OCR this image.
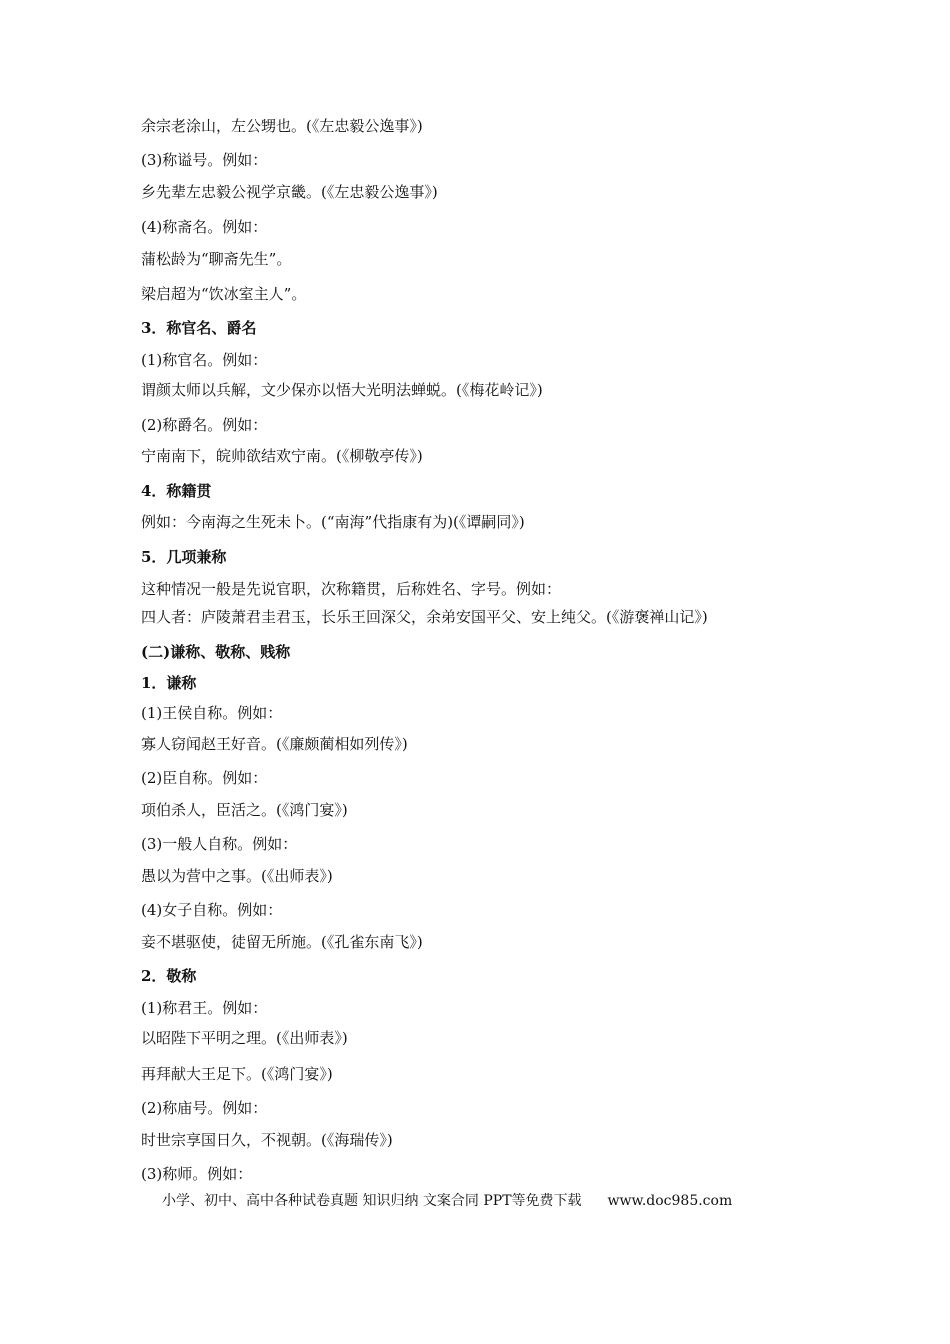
余宗老涂山，左公甥也。(《左忠毅公逸事》)
(3)称谥号。例如：
乡先辈左忠毅公视学京畿。(《左忠毅公逸事》)
(4)称斋名。例如：
蒲松龄为“聊斋先生”。
梁启超为“饮冰室主人”。
3．称官名、爵名
(1)称官名。例如：
谓颜太师以兵解，文少保亦以悟大光明法蝉蜕。(《梅花岭记》)
(2)称爵名。例如：
宁南南下，皖帅欲结欢宁南。(《柳敬亭传》)
4．称籍贯
例如：今南海之生死未卜。(“南海”代指康有为)(《谭嗣同》)
5．几项兼称
这种情况一般是先说官职，次称籍贯，后称姓名、字号。例如：
四人者：庐陵萧君圭君玉，长乐王回深父，余弟安国平父、安上纯父。(《游褒禅山记》)
(二)谦称、敬称、贱称
1．谦称
(1)王侯自称。例如：
寡人窃闻赵王好音。(《廉颇蔺相如列传》)
(2)臣自称。例如：
项伯杀人，臣活之。(《鸿门宴》)
(3)一般人自称。例如：
愚以为营中之事。(《出师表》)
(4)女子自称。例如：
妾不堪驱使，徒留无所施。(《孔雀东南飞》)
2．敬称
(1)称君王。例如：
以昭陛下平明之理。(《出师表》)
再拜献大王足下。(《鸿门宴》)
(2)称庙号。例如：
时世宗享国日久，不视朝。(《海瑞传》)
(3)称师。例如：
小学、初中、高中各种试卷真题 知识归纳 文案合同 PPT等免费下载 www.doc985.com
